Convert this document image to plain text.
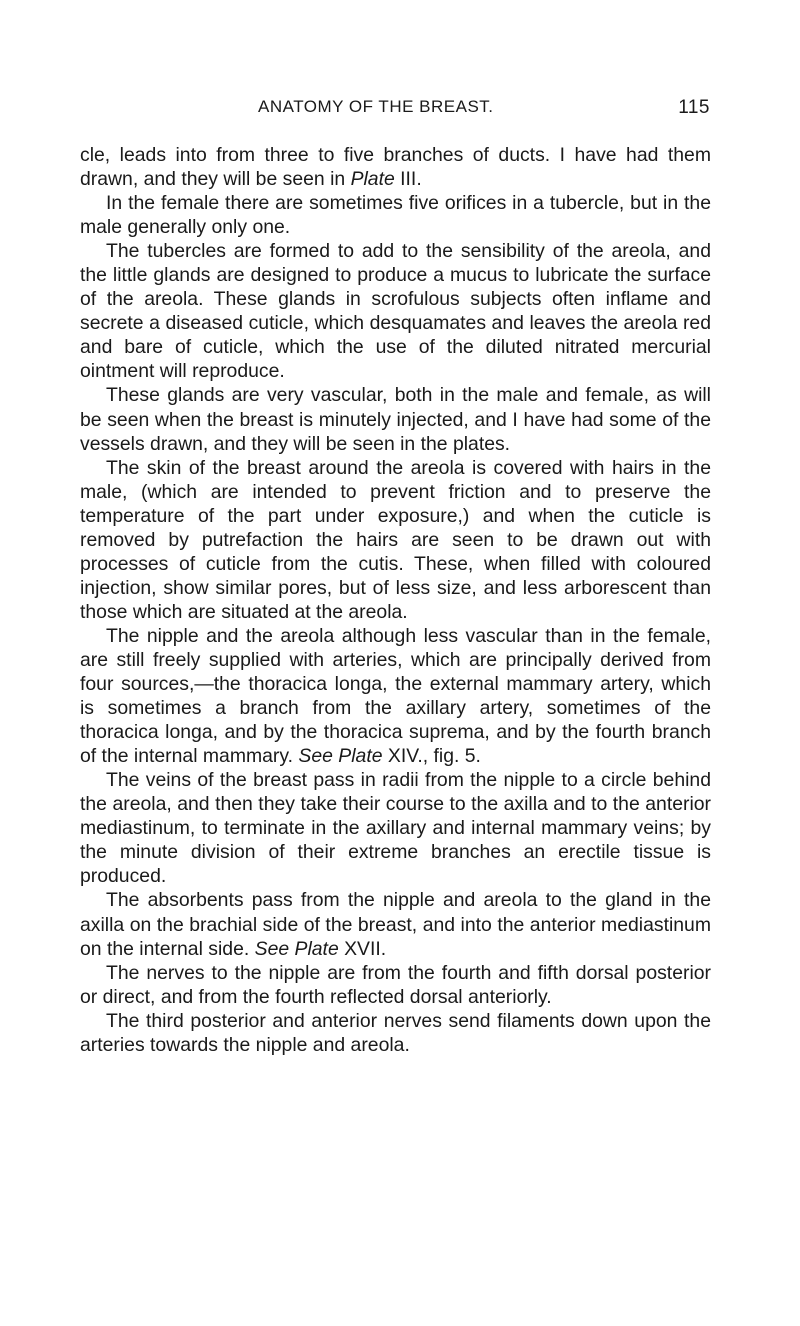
ANATOMY OF THE BREAST.	115

cle, leads into from three to five branches of ducts. I have had them drawn, and they will be seen in Plate III.

In the female there are sometimes five orifices in a tubercle, but in the male generally only one.

The tubercles are formed to add to the sensibility of the areola, and the little glands are designed to produce a mucus to lubricate the surface of the areola. These glands in scrofulous subjects often inflame and secrete a diseased cuticle, which desquamates and leaves the areola red and bare of cuticle, which the use of the diluted nitrated mercurial ointment will reproduce.

These glands are very vascular, both in the male and female, as will be seen when the breast is minutely injected, and I have had some of the vessels drawn, and they will be seen in the plates.

The skin of the breast around the areola is covered with hairs in the male, (which are intended to prevent friction and to preserve the temperature of the part under exposure,) and when the cuticle is removed by putrefaction the hairs are seen to be drawn out with processes of cuticle from the cutis. These, when filled with coloured injection, show similar pores, but of less size, and less arborescent than those which are situated at the areola.

The nipple and the areola although less vascular than in the female, are still freely supplied with arteries, which are principally derived from four sources,—the thoracica longa, the external mammary artery, which is sometimes a branch from the axillary artery, sometimes of the thoracica longa, and by the thoracica suprema, and by the fourth branch of the internal mammary. See Plate XIV., fig. 5.

The veins of the breast pass in radii from the nipple to a circle behind the areola, and then they take their course to the axilla and to the anterior mediastinum, to terminate in the axillary and internal mammary veins; by the minute division of their extreme branches an erectile tissue is produced.

The absorbents pass from the nipple and areola to the gland in the axilla on the brachial side of the breast, and into the anterior mediastinum on the internal side. See Plate XVII.

The nerves to the nipple are from the fourth and fifth dorsal posterior or direct, and from the fourth reflected dorsal anteriorly.

The third posterior and anterior nerves send filaments down upon the arteries towards the nipple and areola.
